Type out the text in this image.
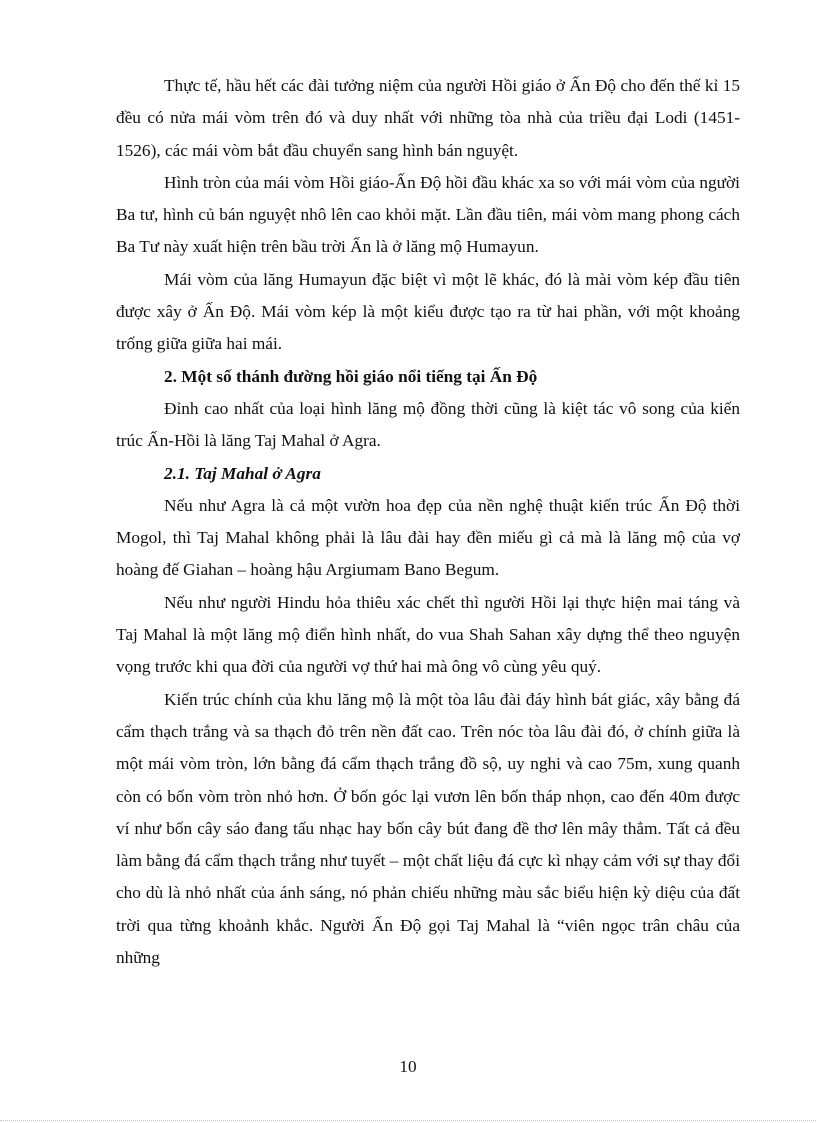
Thực tế, hầu hết các đài tưởng niệm của người Hồi giáo ở Ấn Độ cho đến thế kỉ 15 đều có nửa mái vòm trên đó và duy nhất với những tòa nhà của triều đại Lodi (1451-1526), các mái vòm bắt đầu chuyển sang hình bán nguyệt.

Hình tròn của mái vòm Hồi giáo-Ấn Độ hồi đầu khác xa so với mái vòm của người Ba tư, hình củ bán nguyệt nhô lên cao khỏi mặt. Lần đầu tiên, mái vòm mang phong cách Ba Tư này xuất hiện trên bầu trời Ấn là ở lăng mộ Humayun.

Mái vòm của lăng Humayun đặc biệt vì một lẽ khác, đó là mài vòm kép đầu tiên được xây ở Ấn Độ. Mái vòm kép là một kiểu được tạo ra từ hai phần, với một khoảng trống giữa giữa hai mái.

2. Một số thánh đường hồi giáo nổi tiếng tại Ấn Độ

Đỉnh cao nhất của loại hình lăng mộ đồng thời cũng là kiệt tác vô song của kiến trúc Ấn-Hồi là lăng Taj Mahal ở Agra.

2.1. Taj Mahal ở Agra

Nếu như Agra là cả một vườn hoa đẹp của nền nghệ thuật kiến trúc Ấn Độ thời Mogol, thì Taj Mahal không phải là lâu đài hay đền miếu gì cả mà là lăng mộ của vợ hoàng đế Giahan – hoàng hậu Argiumam Bano Begum.

Nếu như người Hindu hỏa thiêu xác chết thì người Hồi lại thực hiện mai táng và Taj Mahal là một lăng mộ điển hình nhất, do vua Shah Sahan xây dựng thể theo nguyện vọng trước khi qua đời của người vợ thứ hai mà ông vô cùng yêu quý.

Kiến trúc chính của khu lăng mộ là một tòa lâu đài đáy hình bát giác, xây bằng đá cẩm thạch trắng và sa thạch đỏ trên nền đất cao. Trên nóc tòa lâu đài đó, ở chính giữa là một mái vòm tròn, lớn bằng đá cẩm thạch trắng đồ sộ, uy nghi và cao 75m, xung quanh còn có bốn vòm tròn nhỏ hơn. Ở bốn góc lại vươn lên bốn tháp nhọn, cao đến 40m được ví như bốn cây sáo đang tấu nhạc hay bốn cây bút đang đề thơ lên mây thẳm. Tất cả đều làm bằng đá cẩm thạch trắng như tuyết – một chất liệu đá cực kì nhạy cảm với sự thay đổi cho dù là nhỏ nhất của ánh sáng, nó phản chiếu những màu sắc biểu hiện kỳ diệu của đất trời qua từng khoảnh khắc. Người Ấn Độ gọi Taj Mahal là “viên ngọc trân châu của những

10
